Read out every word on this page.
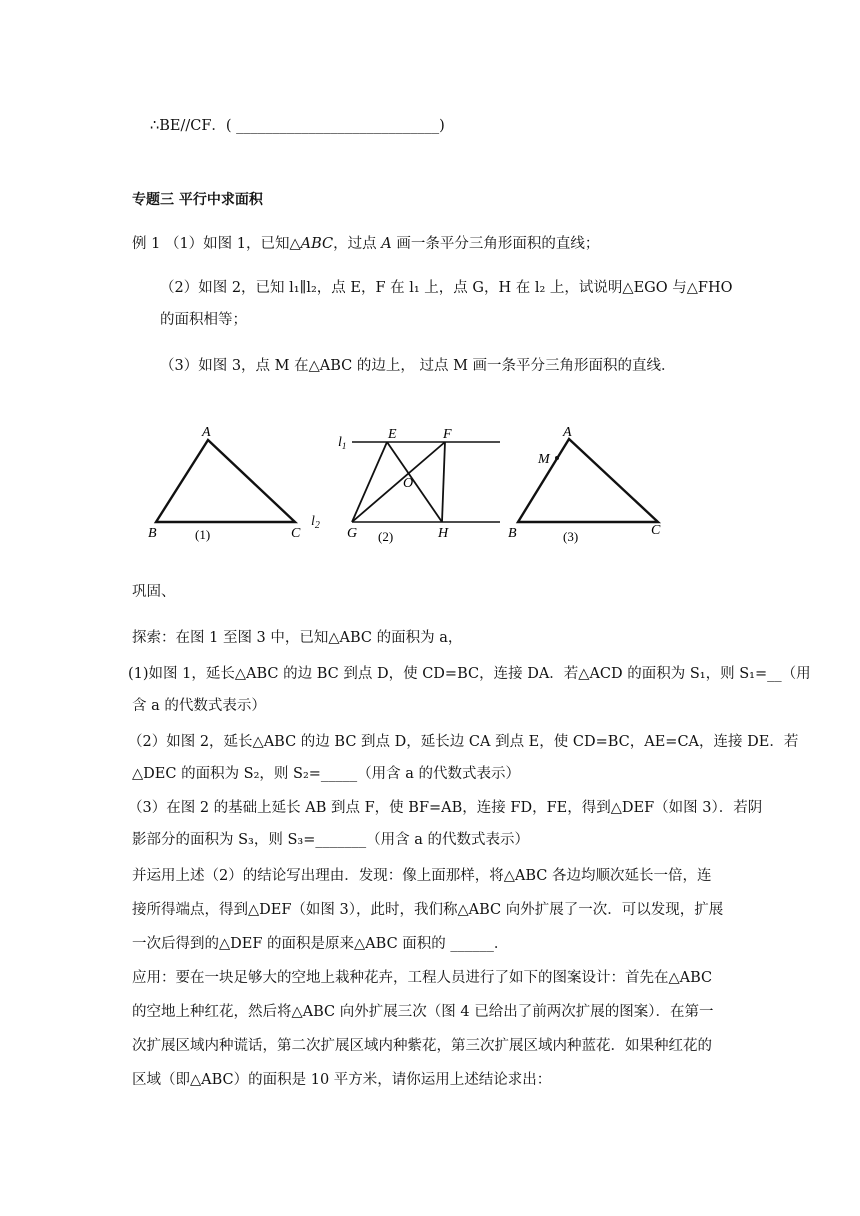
∴BE//CF．( ____________________________)
专题三 平行中求面积
例 1 （1）如图 1，已知△ABC，过点 A 画一条平分三角形面积的直线；
（2）如图 2，已知 l₁∥l₂，点 E，F 在 l₁ 上，点 G，H 在 l₂ 上，试说明△EGO 与△FHO
的面积相等；
（3）如图 3，点 M 在△ABC 的边上， 过点 M 画一条平分三角形面积的直线．
A
B	C
(1)
$l_1$
E	F
O
G	H
(2)
$l_2$
A
M
B	C
(3)
巩固、
探索：在图 1 至图 3 中，已知△ABC 的面积为 a，
(1)如图 1，延长△ABC 的边 BC 到点 D，使 CD=BC，连接 DA．若△ACD 的面积为 S₁，则 S₁=__（用
含 a 的代数式表示）
（2）如图 2，延长△ABC 的边 BC 到点 D，延长边 CA 到点 E，使 CD=BC，AE=CA，连接 DE．若
△DEC 的面积为 S₂，则 S₂=_____（用含 a 的代数式表示）
（3）在图 2 的基础上延长 AB 到点 F，使 BF=AB，连接 FD，FE，得到△DEF（如图 3）．若阴
影部分的面积为 S₃，则 S₃=_______（用含 a 的代数式表示）
并运用上述（2）的结论写出理由．发现：像上面那样，将△ABC 各边均顺次延长一倍，连
接所得端点，得到△DEF（如图 3），此时，我们称△ABC 向外扩展了一次．可以发现，扩展
一次后得到的△DEF 的面积是原来△ABC 面积的 ______．
应用：要在一块足够大的空地上栽种花卉，工程人员进行了如下的图案设计：首先在△ABC
的空地上种红花，然后将△ABC 向外扩展三次（图 4 已给出了前两次扩展的图案）．在第一
次扩展区域内种谎话，第二次扩展区域内种紫花，第三次扩展区域内种蓝花．如果种红花的
区域（即△ABC）的面积是 10 平方米，请你运用上述结论求出：
